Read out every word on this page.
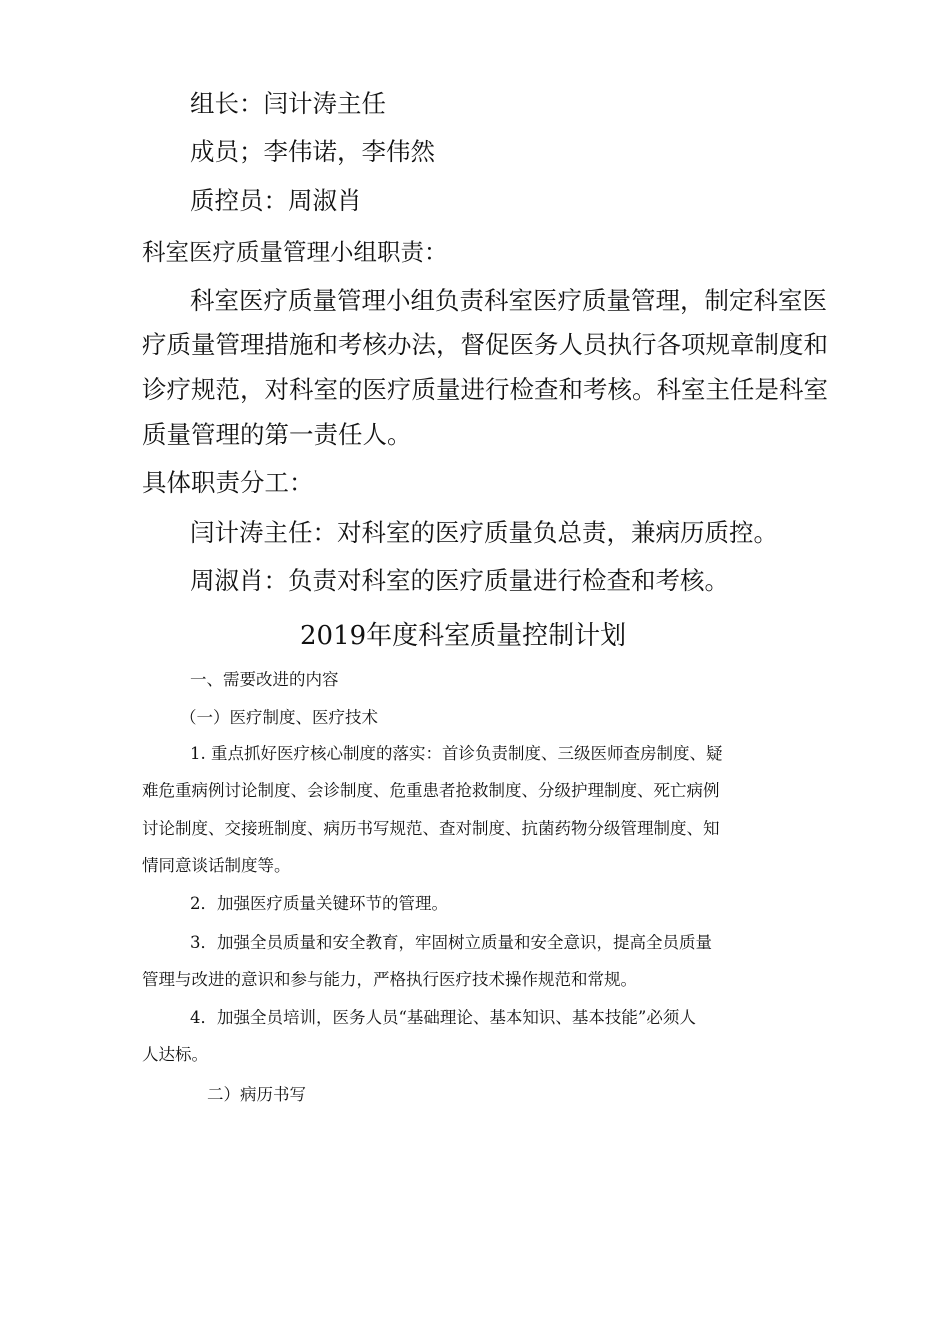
组长：闫计涛主任
成员；李伟诺，李伟然
质控员：周淑肖
科室医疗质量管理小组职责：
科室医疗质量管理小组负责科室医疗质量管理，制定科室医
疗质量管理措施和考核办法，督促医务人员执行各项规章制度和
诊疗规范，对科室的医疗质量进行检查和考核。科室主任是科室
质量管理的第一责任人。
具体职责分工：
闫计涛主任：对科室的医疗质量负总责，兼病历质控。
周淑肖：负责对科室的医疗质量进行检查和考核。
2019年度科室质量控制计划
一、需要改进的内容
（一）医疗制度、医疗技术
1. 重点抓好医疗核心制度的落实：首诊负责制度、三级医师查房制度、疑
难危重病例讨论制度、会诊制度、危重患者抢救制度、分级护理制度、死亡病例
讨论制度、交接班制度、病历书写规范、查对制度、抗菌药物分级管理制度、知
情同意谈话制度等。
2．加强医疗质量关键环节的管理。
3．加强全员质量和安全教育，牢固树立质量和安全意识，提高全员质量
管理与改进的意识和参与能力，严格执行医疗技术操作规范和常规。
4．加强全员培训，医务人员“基础理论、基本知识、基本技能”必须人
人达标。
二）病历书写
